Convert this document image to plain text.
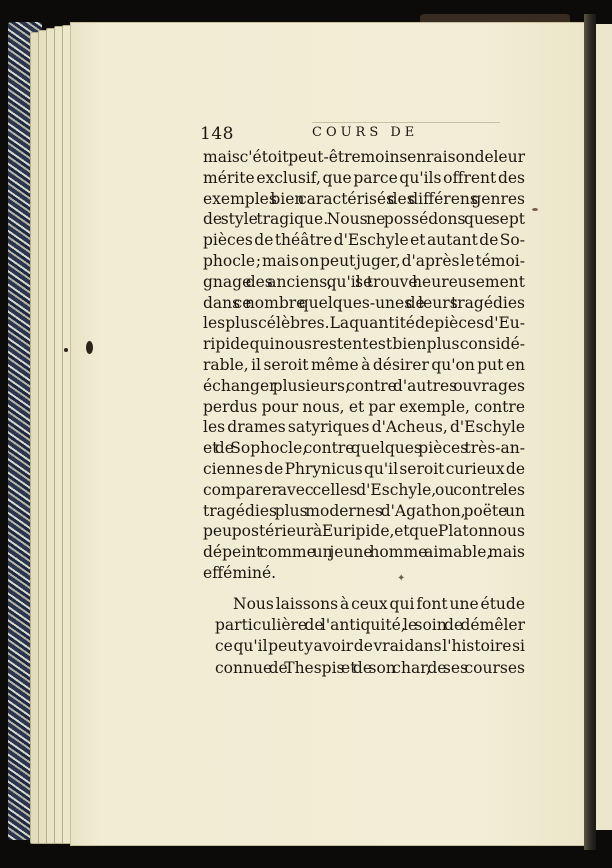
148	COURS DE
mais c'étoit peut-être moins en raison de leur
mérite exclusif, que parce qu'ils offrent des
exemples bien caractérisés des différens genres
de style tragique. Nous ne possédons que sept
pièces de théâtre d'Eschyle et autant de So-
phocle ; mais on peut juger, d'après le témoi-
gnage des anciens, qu'il se trouve heureusement
dans ce nombre quelques-unes de leurs tragédies
les plus célèbres. La quantité de pièces d'Eu-
ripide qui nous restent est bien plus considé-
rable, il seroit même à désirer qu'on put en
échanger plusieurs, contre d'autres ouvrages
perdus pour nous, et par exemple, contre
les drames satyriques d'Acheus, d'Eschyle
et de Sophocle, contre quelques pièces très-an-
ciennes de Phrynicus qu'il seroit curieux de
comparer avec celles d'Eschyle, ou contre les
tragédies plus modernes d'Agathon, poëte un
peu postérieur à Euripide, et que Platon nous
dépeint comme un jeune homme aimable, mais
efféminé.
Nous laissons à ceux qui font une étude
particulière de l'antiquité, le soin de démêler
ce qu'il peut y avoir de vrai dans l'histoire si
connue de Thespis et de son char, de ses courses
✦
